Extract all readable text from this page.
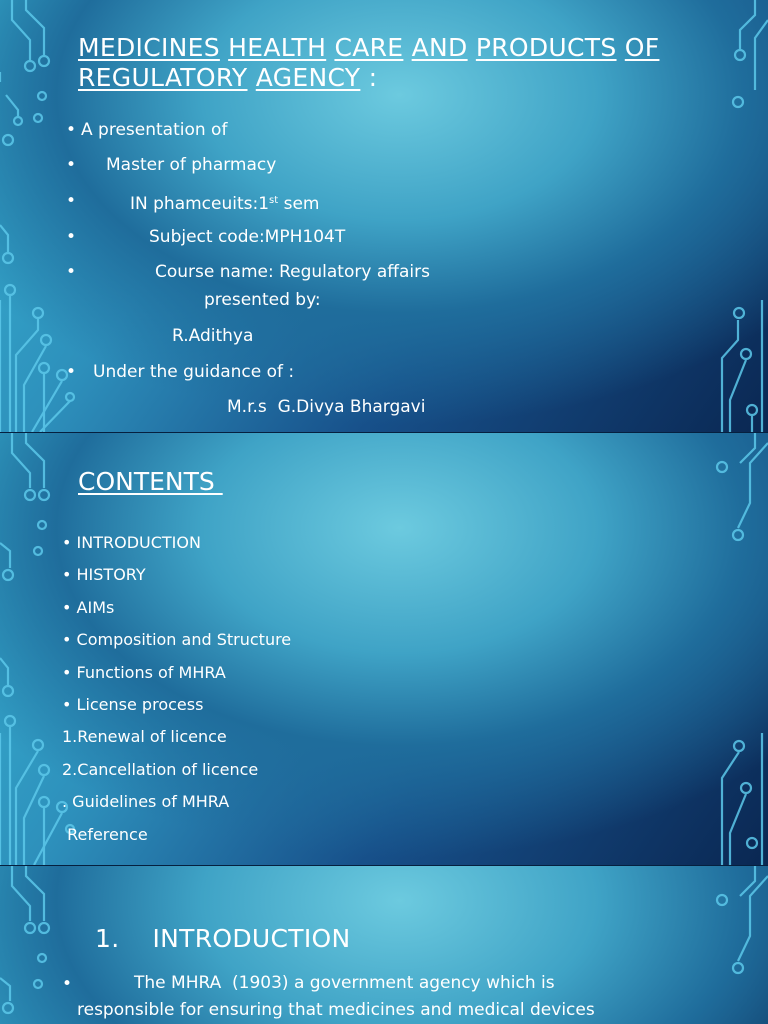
MEDICINES HEALTH CARE AND PRODUCTS OF REGULATORY AGENCY :
• A presentation of
• Master of pharmacy
•	IN phamceuits:1st sem
•	Subject code:MPH104T
•	Course name: Regulatory affairs
presented by:
R.Adithya
• Under the guidance of :
M.r.s  G.Divya Bhargavi
CONTENTS
• INTRODUCTION
• HISTORY
• AIMs
• Composition and Structure
• Functions of MHRA
• License process
1.Renewal of licence
2.Cancellation of licence
. Guidelines of MHRA
Reference

1. INTRODUCTION

•	The MHRA  (1903) a government agency which is
responsible for ensuring that medicines and medical devices
